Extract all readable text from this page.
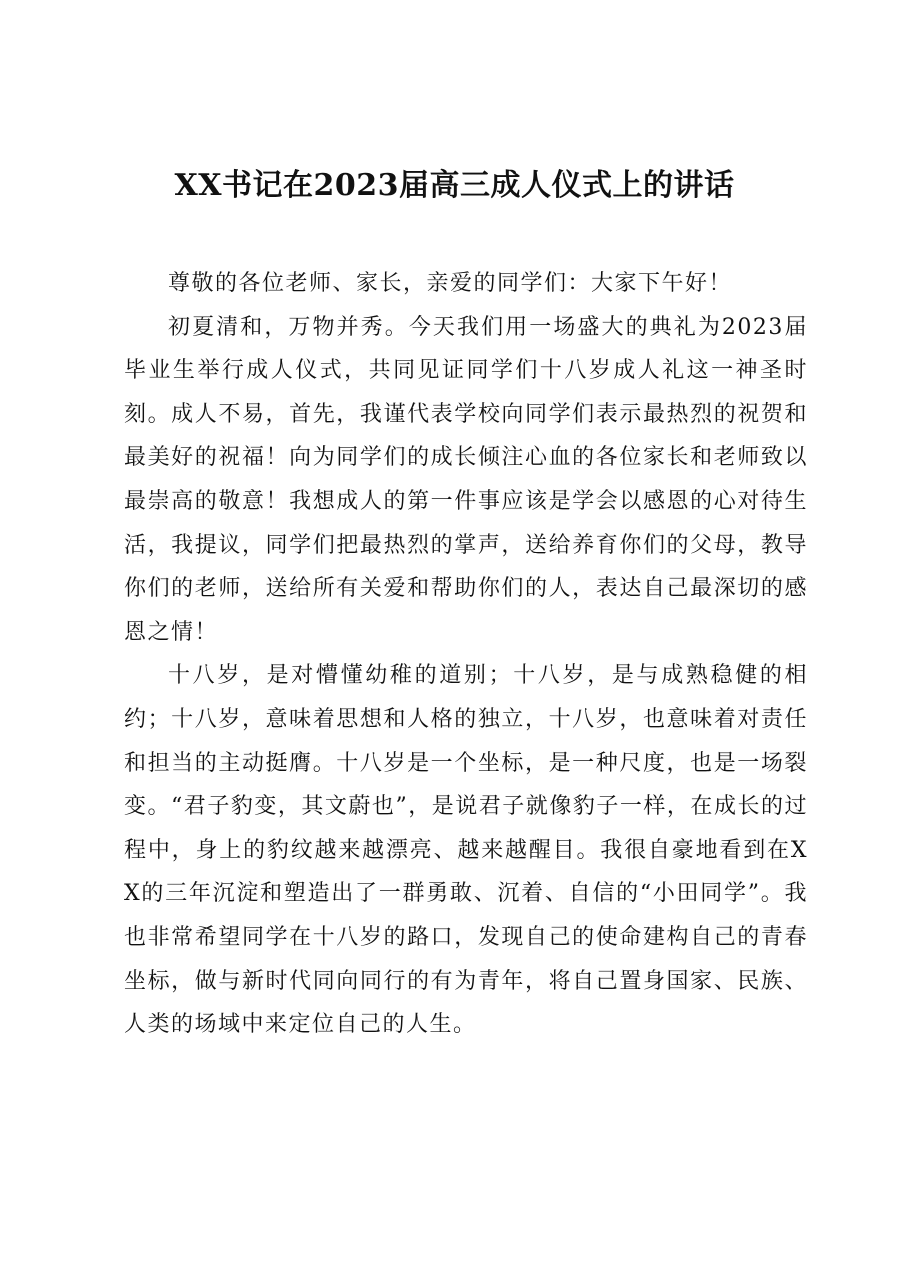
XX书记在2023届高三成人仪式上的讲话

尊敬的各位老师、家长，亲爱的同学们：大家下午好！

初夏清和，万物并秀。今天我们用一场盛大的典礼为2023届毕业生举行成人仪式，共同见证同学们十八岁成人礼这一神圣时刻。成人不易，首先，我谨代表学校向同学们表示最热烈的祝贺和最美好的祝福！向为同学们的成长倾注心血的各位家长和老师致以最崇高的敬意！我想成人的第一件事应该是学会以感恩的心对待生活，我提议，同学们把最热烈的掌声，送给养育你们的父母，教导你们的老师，送给所有关爱和帮助你们的人，表达自己最深切的感恩之情！

十八岁，是对懵懂幼稚的道别；十八岁，是与成熟稳健的相约；十八岁，意味着思想和人格的独立，十八岁，也意味着对责任和担当的主动挺膺。十八岁是一个坐标，是一种尺度，也是一场裂变。“君子豹变，其文蔚也”，是说君子就像豹子一样，在成长的过程中，身上的豹纹越来越漂亮、越来越醒目。我很自豪地看到在XX的三年沉淀和塑造出了一群勇敢、沉着、自信的“小田同学”。我也非常希望同学在十八岁的路口，发现自己的使命建构自己的青春坐标，做与新时代同向同行的有为青年，将自己置身国家、民族、人类的场域中来定位自己的人生。
